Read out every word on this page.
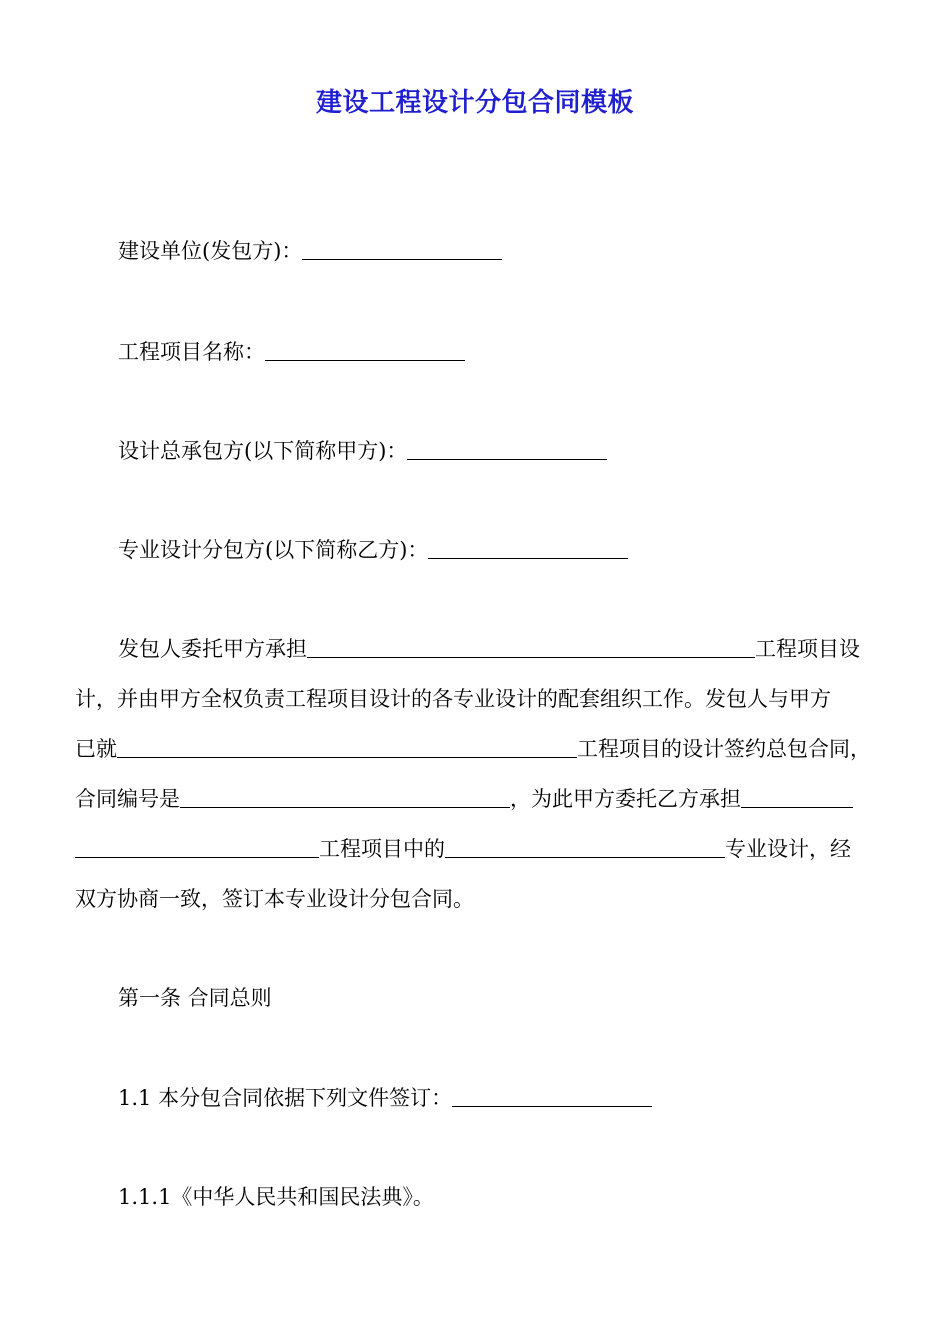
建设工程设计分包合同模板
建设单位(发包方)：
工程项目名称：
设计总承包方(以下简称甲方)：
专业设计分包方(以下简称乙方)：
发包人委托甲方承担	工程项目设
计，并由甲方全权负责工程项目设计的各专业设计的配套组织工作。发包人与甲方
已就	工程项目的设计签约总包合同，
合同编号是	，为此甲方委托乙方承担
工程项目中的	专业设计，经
双方协商一致，签订本专业设计分包合同。
第一条 合同总则
1.1 本分包合同依据下列文件签订：
1.1.1《中华人民共和国民法典》。
